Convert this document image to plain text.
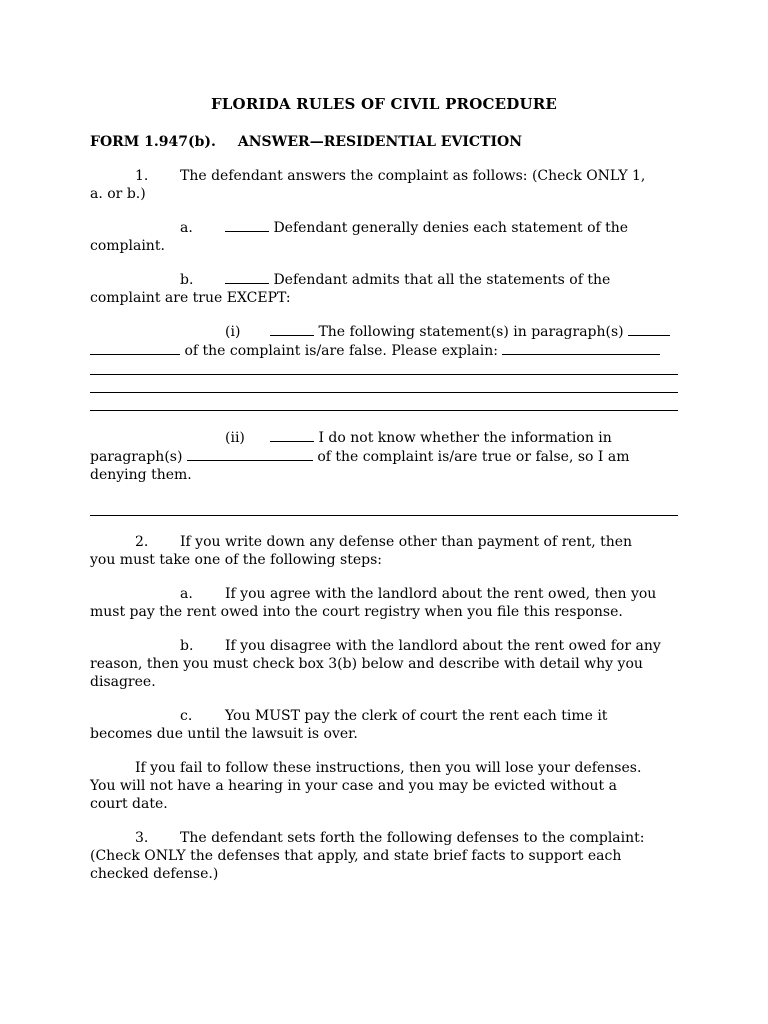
FLORIDA RULES OF CIVIL PROCEDURE
FORM 1.947(b). ANSWER—RESIDENTIAL EVICTION
1. The defendant answers the complaint as follows: (Check ONLY 1,
a. or b.)
a.	Defendant generally denies each statement of the
complaint.
b.	Defendant admits that all the statements of the
complaint are true EXCEPT:
(i)	The following statement(s) in paragraph(s)
of the complaint is/are false. Please explain:
(ii)	I do not know whether the information in
paragraph(s)	of the complaint is/are true or false, so I am
denying them.
2. If you write down any defense other than payment of rent, then
you must take one of the following steps:
a. If you agree with the landlord about the rent owed, then you
must pay the rent owed into the court registry when you file this response.
b. If you disagree with the landlord about the rent owed for any
reason, then you must check box 3(b) below and describe with detail why you
disagree.
c. You MUST pay the clerk of court the rent each time it
becomes due until the lawsuit is over.
If you fail to follow these instructions, then you will lose your defenses.
You will not have a hearing in your case and you may be evicted without a
court date.
3. The defendant sets forth the following defenses to the complaint:
(Check ONLY the defenses that apply, and state brief facts to support each
checked defense.)
